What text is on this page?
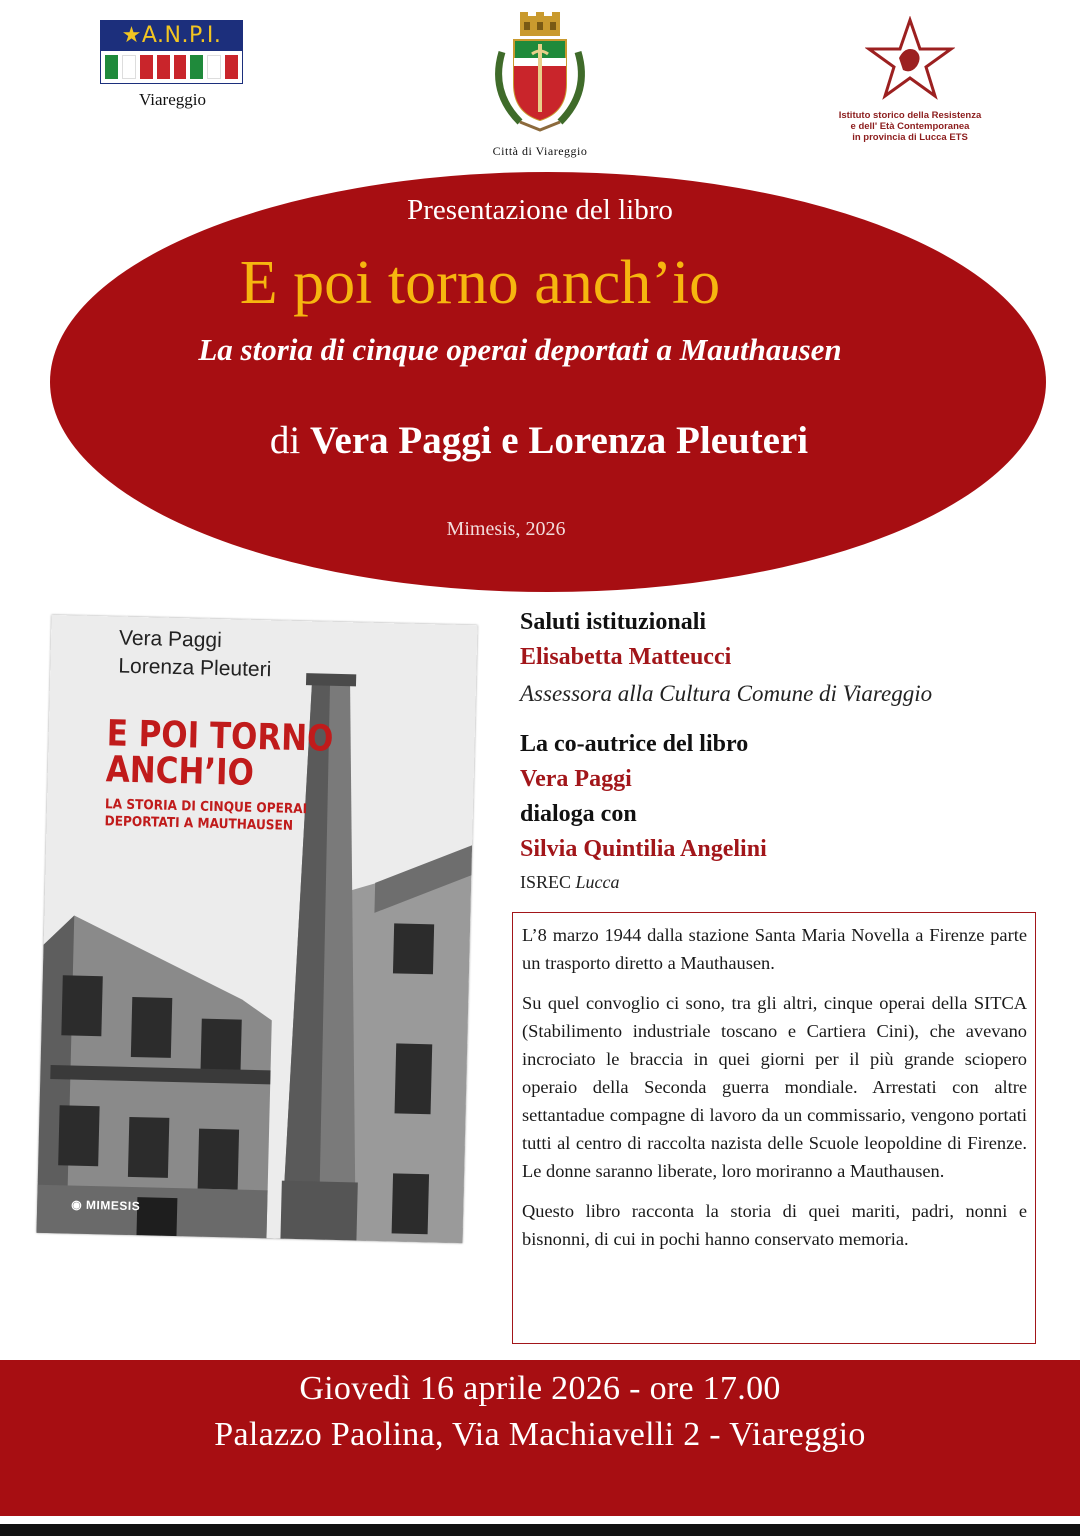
★A.N.P.I.
Viareggio
Città di Viareggio
Istituto storico della Resistenza
e dell' Età Contemporanea
in provincia di Lucca ETS
Presentazione del libro
E poi torno anch’io
La storia di cinque operai deportati a Mauthausen
di Vera Paggi e Lorenza Pleuteri
Mimesis, 2026
Vera Paggi
Lorenza Pleuteri
E POI TORNO
ANCH’IO
LA STORIA DI CINQUE OPERAI
DEPORTATI A MAUTHAUSEN
◉ MIMESIS
Saluti istituzionali
Elisabetta Matteucci
Assessora alla Cultura Comune di Viareggio
La co-autrice del libro
Vera Paggi
dialoga con
Silvia Quintilia Angelini
ISREC Lucca

L’8 marzo 1944 dalla stazione Santa Maria Novella a Firenze parte un trasporto diretto a Mauthausen.

Su quel convoglio ci sono, tra gli altri, cinque operai della SITCA (Stabilimento industriale toscano e Cartiera Cini), che avevano incrociato le braccia in quei giorni per il più grande sciopero operaio della Seconda guerra mondiale. Arrestati con altre settantadue compagne di lavoro da un commissario, vengono portati tutti al centro di raccolta nazista delle Scuole leopoldine di Firenze. Le donne saranno liberate, loro moriranno a Mauthausen.

Questo libro racconta la storia di quei mariti, padri, nonni e bisnonni, di cui in pochi hanno conservato memoria.

Giovedì 16 aprile 2026 - ore 17.00
Palazzo Paolina, Via Machiavelli 2 - Viareggio
